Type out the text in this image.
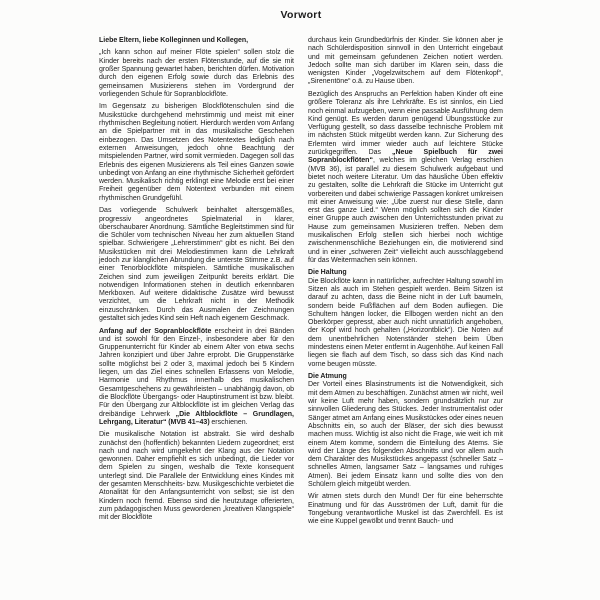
Vorwort

Liebe Eltern, liebe Kolleginnen und Kollegen,

„Ich kann schon auf meiner Flöte spielen“ sollen stolz die Kinder bereits nach der ersten Flötenstunde, auf die sie mit großer Spannung gewartet haben, berichten dürfen. Motivation durch den eigenen Erfolg sowie durch das Erlebnis des gemeinsamen Musizierens stehen im Vordergrund der vorliegenden Schule für Sopranblockflöte.

Im Gegensatz zu bisherigen Blockflötenschulen sind die Musikstücke durchgehend mehrstimmig und meist mit einer rhythmischen Begleitung notiert. Hierdurch werden vom Anfang an die Spielpartner mit in das musikalische Geschehen einbezogen. Das Umsetzen des Notentextes lediglich nach externen Anweisungen, jedoch ohne Beachtung der mitspielenden Partner, wird somit vermieden. Dagegen soll das Erlebnis des eigenen Musizierens als Teil eines Ganzen sowie unbedingt von Anfang an eine rhythmische Sicherheit gefördert werden. Musikalisch richtig erklingt eine Melodie erst bei einer Freiheit gegenüber dem Notentext verbunden mit einem rhythmischen Grundgefühl.

Das vorliegende Schulwerk beinhaltet altersgemäßes, progressiv angeordnetes Spielmaterial in klarer, überschaubarer Anordnung. Sämtliche Begleitstimmen sind für die Schüler vom technischen Niveau her zum aktuellen Stand spielbar. Schwierigere „Lehrerstimmen“ gibt es nicht. Bei den Musikstücken mit drei Melodiestimmen kann die Lehrkraft jedoch zur klanglichen Abrundung die unterste Stimme z.B. auf einer Tenorblockflöte mitspielen. Sämtliche musikalischen Zeichen sind zum jeweiligen Zeitpunkt bereits erklärt. Die notwendigen Informationen stehen in deutlich erkennbaren Merkboxen. Auf weitere didaktische Zusätze wird bewusst verzichtet, um die Lehrkraft nicht in der Methodik einzuschränken. Durch das Ausmalen der Zeichnungen gestaltet sich jedes Kind sein Heft nach eigenem Geschmack.

Anfang auf der Sopranblockflöte erscheint in drei Bänden und ist sowohl für den Einzel-, insbesondere aber für den Gruppenunterricht für Kinder ab einem Alter von etwa sechs Jahren konzipiert und über Jahre erprobt. Die Gruppenstärke sollte möglichst bei 2 oder 3, maximal jedoch bei 5 Kindern liegen, um das Ziel eines schnellen Erfassens von Melodie, Harmonie und Rhythmus innerhalb des musikalischen Gesamtgeschehens zu gewährleisten – unabhängig davon, ob die Blockflöte Übergangs- oder Hauptinstrument ist bzw. bleibt. Für den Übergang zur Altblockflöte ist im gleichen Verlag das dreibändige Lehrwerk „Die Altblockflöte – Grundlagen, Lehrgang, Literatur“ (MVB 41–43) erschienen.

Die musikalische Notation ist abstrakt. Sie wird deshalb zunächst den (hoffentlich) bekannten Liedern zugeordnet; erst nach und nach wird umgekehrt der Klang aus der Notation gewonnen. Daher empfiehlt es sich unbedingt, die Lieder vor dem Spielen zu singen, weshalb die Texte konsequent unterlegt sind. Die Parallele der Entwicklung eines Kindes mit der gesamten Menschheits- bzw. Musikgeschichte verbietet die Atonalität für den Anfangsunterricht von selbst; sie ist den Kindern noch fremd. Ebenso sind die heutzutage offerierten, zum pädagogischen Muss gewordenen „kreativen Klangspiele“ mit der Blockflöte

durchaus kein Grundbedürfnis der Kinder. Sie können aber je nach Schülerdisposition sinnvoll in den Unterricht eingebaut und mit gemeinsam gefundenen Zeichen notiert werden. Jedoch sollte man sich darüber im Klaren sein, dass die wenigsten Kinder „Vogelzwitschern auf dem Flötenkopf“, „Sirenentöne“ o.ä. zu Hause üben.

Bezüglich des Anspruchs an Perfektion haben Kinder oft eine größere Toleranz als ihre Lehrkräfte. Es ist sinnlos, ein Lied noch einmal aufzugeben, wenn eine passable Ausführung dem Kind genügt. Es werden darum genügend Übungsstücke zur Verfügung gestellt, so dass dasselbe technische Problem mit im nächsten Stück mitgeübt werden kann. Zur Sicherung des Erlernten wird immer wieder auch auf leichtere Stücke zurückgegriffen. Das „Neue Spielbuch für zwei Sopranblockflöten“, welches im gleichen Verlag erschien (MVB 36), ist parallel zu diesem Schulwerk aufgebaut und bietet noch weitere Literatur. Um das häusliche Üben effektiv zu gestalten, sollte die Lehrkraft die Stücke im Unterricht gut vorbereiten und dabei schwierige Passagen konkret umkreisen mit einer Anweisung wie: „Übe zuerst nur diese Stelle, dann erst das ganze Lied.“ Wenn möglich sollten sich die Kinder einer Gruppe auch zwischen den Unterrichtsstunden privat zu Hause zum gemeinsamen Musizieren treffen. Neben dem musikalischen Erfolg stellen sich hierbei noch wichtige zwischenmenschliche Beziehungen ein, die motivierend sind und in einer „schweren Zeit“ vielleicht auch ausschlaggebend für das Weitermachen sein können.

Die Haltung

Die Blockflöte kann in natürlicher, aufrechter Haltung sowohl im Sitzen als auch im Stehen gespielt werden. Beim Sitzen ist darauf zu achten, dass die Beine nicht in der Luft baumeln, sondern beide Fußflächen auf dem Boden aufliegen. Die Schultern hängen locker, die Ellbogen werden nicht an den Oberkörper gepresst, aber auch nicht unnatürlich angehoben, der Kopf wird hoch gehalten („Horizontblick“). Die Noten auf dem unentbehrlichen Notenständer stehen beim Üben mindestens einen Meter entfernt in Augenhöhe. Auf keinen Fall liegen sie flach auf dem Tisch, so dass sich das Kind nach vorne beugen müsste.

Die Atmung

Der Vorteil eines Blasinstruments ist die Notwendigkeit, sich mit dem Atmen zu beschäftigen. Zunächst atmen wir nicht, weil wir keine Luft mehr haben, sondern grundsätzlich nur zur sinnvollen Gliederung des Stückes. Jeder Instrumentalist oder Sänger atmet am Anfang eines Musikstückes oder eines neuen Abschnitts ein, so auch der Bläser, der sich dies bewusst machen muss. Wichtig ist also nicht die Frage, wie weit ich mit einem Atem komme, sondern die Einteilung des Atems. Sie wird der Länge des folgenden Abschnitts und vor allem auch dem Charakter des Musikstückes angepasst (schneller Satz – schnelles Atmen, langsamer Satz – langsames und ruhiges Atmen). Bei jedem Einsatz kann und sollte dies von den Schülern gleich mitgeübt werden.

Wir atmen stets durch den Mund! Der für eine beherrschte Einatmung und für das Ausströmen der Luft, damit für die Tongebung verantwortliche Muskel ist das Zwerchfell. Es ist wie eine Kuppel gewölbt und trennt Bauch- und
